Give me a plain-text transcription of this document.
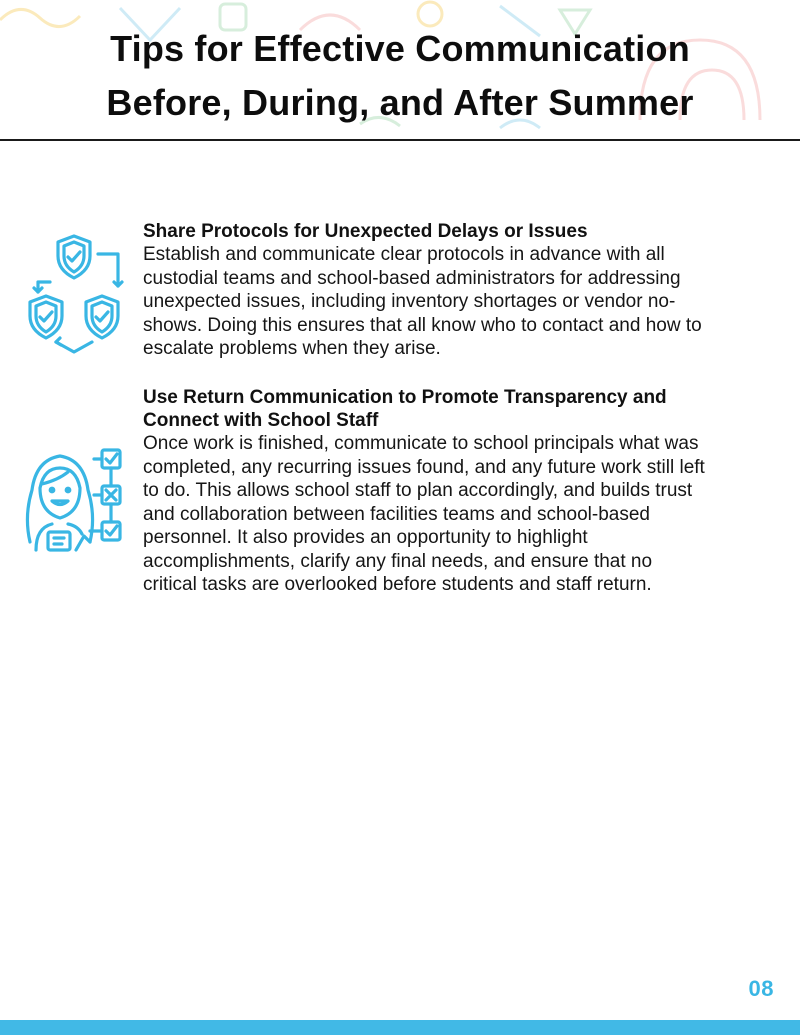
Tips for Effective Communication
Before, During, and After Summer

Share Protocols for Unexpected Delays or Issues

Establish and communicate clear protocols in advance with all
custodial teams and school-based administrators for addressing
unexpected issues, including inventory shortages or vendor no-
shows. Doing this ensures that all know who to contact and how to
escalate problems when they arise.

Use Return Communication to Promote Transparency and
Connect with School Staff

Once work is finished, communicate to school principals what was
completed, any recurring issues found, and any future work still left
to do. This allows school staff to plan accordingly, and builds trust
and collaboration between facilities teams and school-based
personnel. It also provides an opportunity to highlight
accomplishments, clarify any final needs, and ensure that no
critical tasks are overlooked before students and staff return.

08
